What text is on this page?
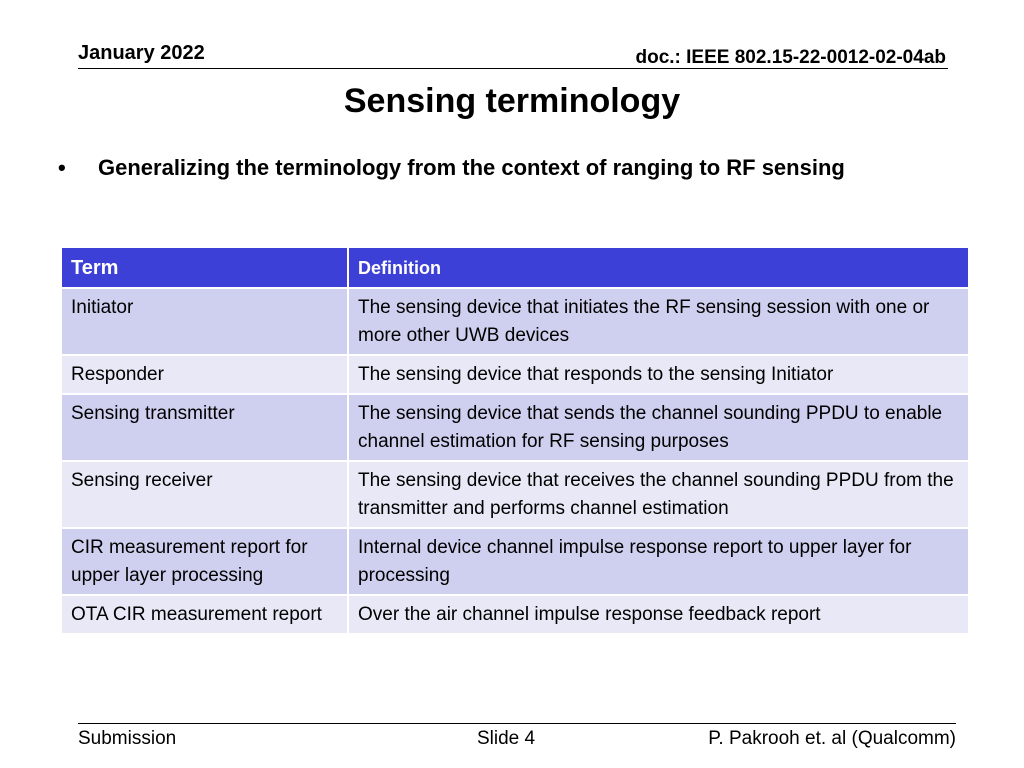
January 2022	doc.: IEEE 802.15-22-0012-02-04ab
Sensing terminology
•	Generalizing the terminology from the context of ranging to RF sensing
Term	Definition
Initiator	The sensing device that initiates the RF sensing session with one or more other UWB devices
Responder	The sensing device that responds to the sensing Initiator
Sensing transmitter	The sensing device that sends the channel sounding PPDU to enable channel estimation for RF sensing purposes
Sensing receiver	The sensing device that receives the channel sounding PPDU from the transmitter and performs channel estimation
CIR measurement report for upper layer processing	Internal device channel impulse response report to upper layer for processing
OTA CIR measurement report	Over the air channel impulse response feedback report
Submission	Slide 4	P. Pakrooh et. al (Qualcomm)
